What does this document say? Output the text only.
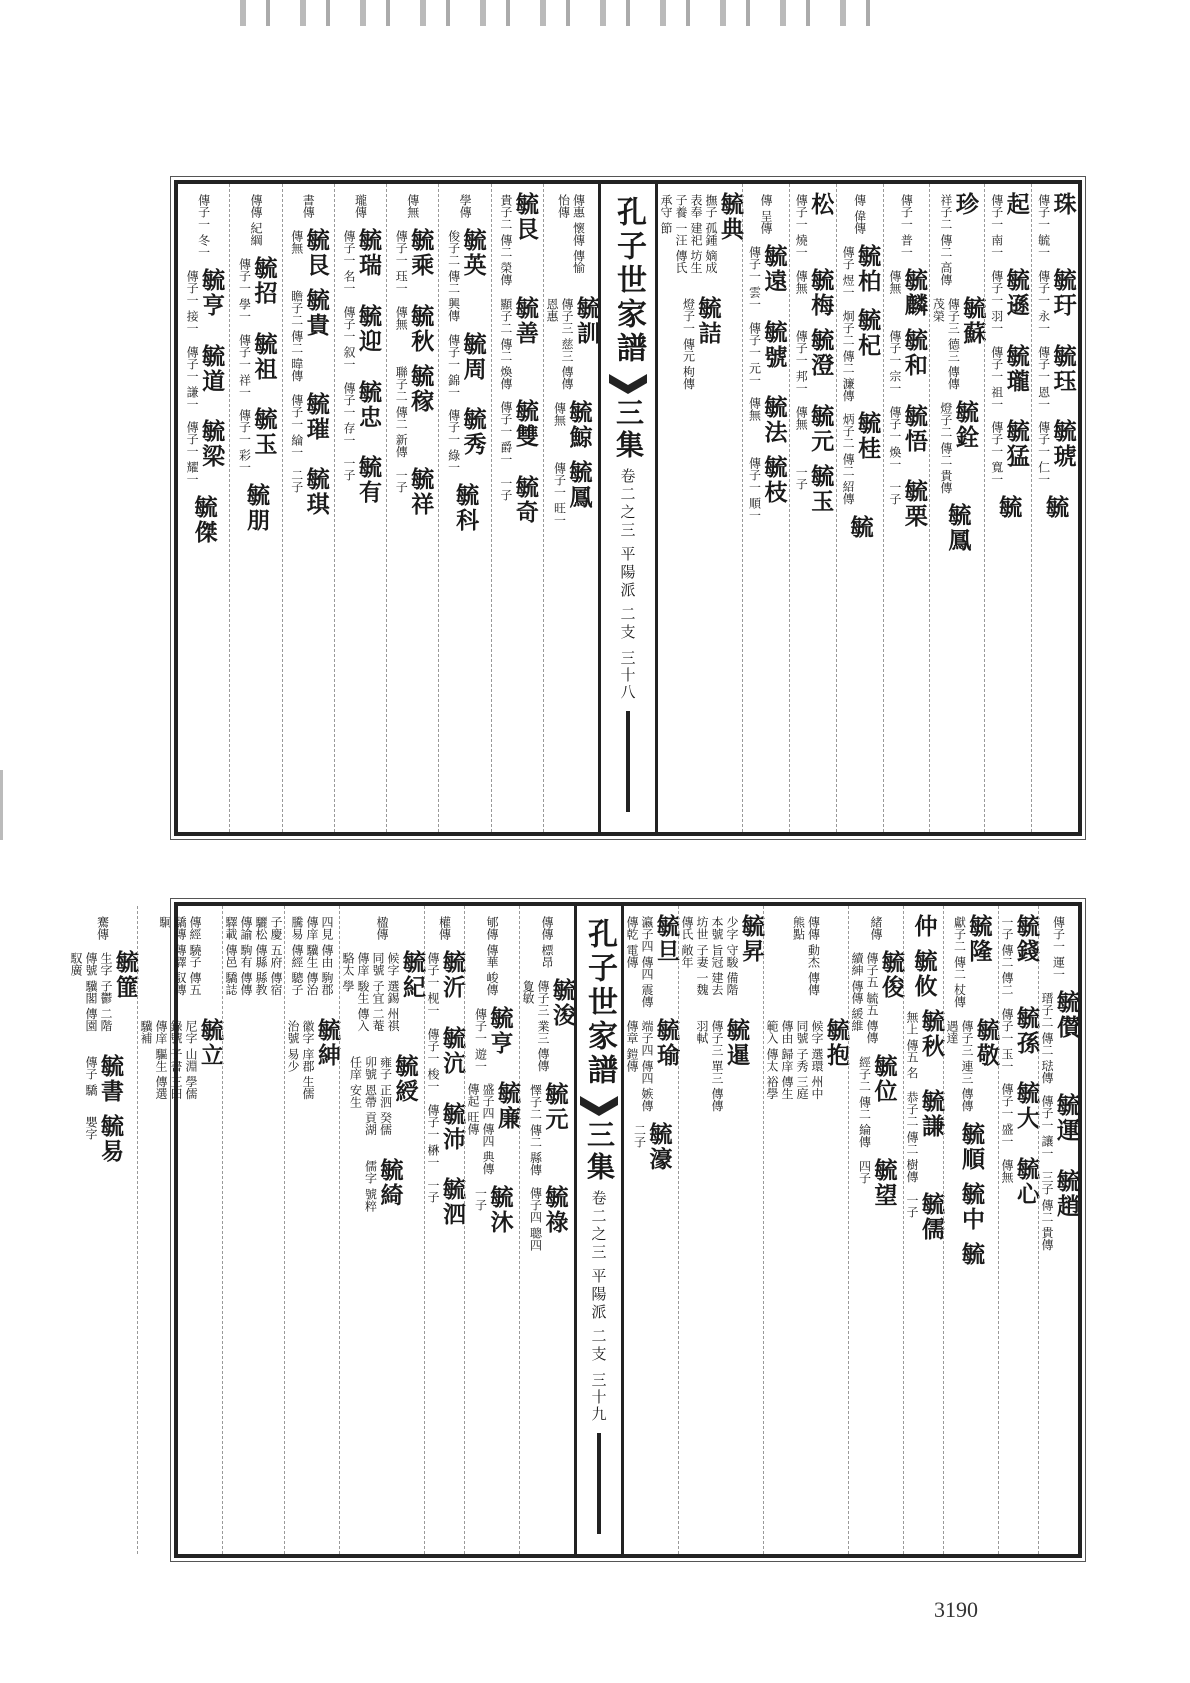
珠
傳子一 毓一
毓玗
傳子一 永一
毓珏
傳子一 恩一
毓琥
傳子一 仁一
毓
起
傳子一 南一
毓遜
傳子一 羽一
毓瓏
傳子一 祖一
毓猛
傳子一 寬一
毓
珍
祥子二 傳二 高傳
毓蘇
傳子三 德三 傳傳 茂榮
毓銓
燈子二 傳二 貴傳
毓鳳
傳子一 普一
毓麟
傳無
毓和
傳子一 宗一
毓悟
傳子一 煥一
毓栗
一子
傳 偉傳
毓柏
傳子 煜一
毓杞
炯子二 傳二 濂傳
毓桂
炳子二 傳二 紹傳
毓
松
傳子一 燒一
毓梅
傳無
毓澄
傳子一 邦一
毓元
傳無
毓玉
一子
傳 呈傳
毓遠
傳子一 雲一
毓號
傳子一 元一
毓法
傳無
毓枝
傳子一 順一
毓典
撫子 孤鍾 嫡成 表奉 建祀 坊生 子養 一汪 傳氏 承守 節
毓詰
燈子一 傳元 枸傳
孔子世家譜
三集
卷二之三
平陽派
二支
三十八
傳惠 懷傳 傳愉 怡傳
毓訓
傳子三 慈三 傳傳 恩惠
毓鯨
傳無
毓鳳
傳子一 旺一
毓艮
貴子二 傳二 榮傳
毓善
顯子二 傳二 煥傳
毓雙
傳子一 爵一
毓奇
一子
學傳
毓英
俊子二 傳二 興傳
毓周
傳子一 錦一
毓秀
傳子一 綠一
毓科
傳無
毓乘
傳子一 珏一
毓秋
傳無
毓稼
聯子二 傳二 新傳
毓祥
一子
瓏傳
毓瑞
傳子一 名一
毓迎
傳子一 叙一
毓忠
傳子一 存一
毓有
一子
書傳
毓艮
傳無
毓貴
瞻子二 傳二 暐傳
毓璀
傳子一 綸一
毓琪
二子
傳傳 紀綱
毓招
傳子一 學一
毓祖
傳子一 祥一
毓玉
傳子一 彩一
毓朋
傳子一 冬一
毓亨
傳子一 接一
毓道
傳子一 謙一
毓梁
傳子一 耀一
毓傑
傳子一 運一
毓儧
瑨子二 傳二 琺傳
毓運
傳子一 讓一
毓趙
三子 傳二 貴傳
毓錢
一子 傳二 傳二
毓孫
傳子一 玉一
毓大
傳子一 盛一
毓心
傳無
毓隆
獻子二 傳二 杖傳
毓敬
傳子三 連三 傳傳 遇達
毓順
毓中
毓
仲
毓攸
毓秋
無上 傳五 名
毓謙
恭子二 傳二 樹傳
毓儒
一子
緒傳
毓俊
傳子五 毓五 傳傳 續紳 傳傳 緩維
毓位
經子二 傳二 綸傳
毓望
四子
傳傳 動杰 傳傳 熊點
毓抱
候字 選環 州中 同號 子秀 三庭 傳由 歸庠 傳生 範入 傳太 裕學
毓昇
少字 守駿 備階 本號 旨冠 建去 坊世 子妻 一魏 傳氏 敞年
毓暹
傳子三 單三 傳傳 羽軾
毓旦
瀛子四 傳四 震傳 傳乾 電傳
毓瑜
端子四 傳四 嫉傳 傳章 鎧傳
毓濠
二子
孔子世家譜
三集
卷二之三
平陽派
二支
三十九
傳傳 標昂
毓浚
傳子三 業三 傳傳 夐敏
毓元
懌子二 傳二 縣傳
毓祿
傳子四 聰四
郇傳 傳華 峻傳
毓亨
傳子一 遊一
毓廉
盛子四 傳四 典傳 傳起 旺傳
毓沐
一子
權傳
毓沂
傳子一 枧一
毓沆
傳子一 梭一
毓沛
傳子一 楙一
毓泗
一子
楹傳
毓紀
候字 選錫 州祺 同號 子宜 二菴 傳庠 駿生 傳入 駱太 學
毓綬
雍子 正泗 癸儒 卯號 恩帶 貢湖 任庠 安生
毓綺
儒字 號粹
四見 傳由 駒郡 傳庠 驥生 傳治 騰易 傳經 驄子
毓紳
徽字 庠郡 生儒 治號 易少
子慶 五府 傳宿 驪松 傳縣 縣教 傳諭 駒有 傳傳 驛載 傳邑 驕誌
傳經 驍子 傳五 驕傳 傳驛 馭傳 駉
毓立
尼字 山淵 學儒 錄號 子書 三田 傳庠 驅生 傳選 驥補
騫傳
毓篚
生字 子鬱 二階 傳號 驥閣 傳園 馭廣
毓書
傳子 驕
毓易
嬰字
3190
